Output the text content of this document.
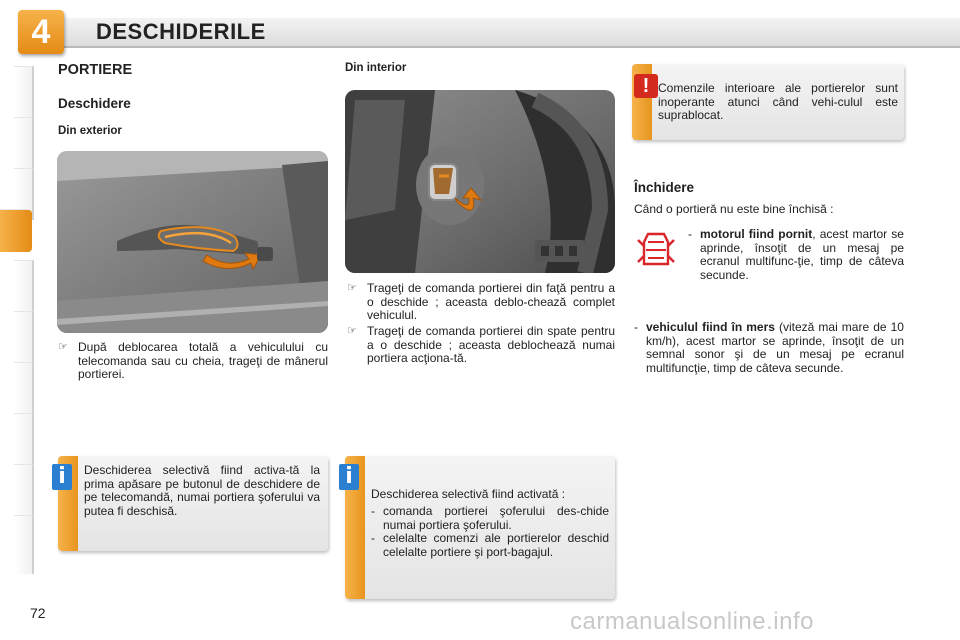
4	DESCHIDERILE
PORTIERE
Deschidere
Din exterior
☞ După deblocarea totală a vehiculului cu telecomanda sau cu cheia, trageţi de mânerul portierei.
i	Deschiderea selectivă fiind activa-tă la prima apăsare pe butonul de deschidere de pe telecomandă, numai portiera şoferului va putea fi deschisă.
Din interior
☞ Trageţi de comanda portierei din faţă pentru a o deschide ; aceasta deblo-chează complet vehiculul.
☞ Trageţi de comanda portierei din spate pentru a o deschide ; aceasta deblochează numai portiera acţiona-tă.
i
Deschiderea selectivă fiind activată :
- comanda portierei şoferului des-chide numai portiera şoferului.
- celelalte comenzi ale portierelor deschid celelalte portiere şi port-bagajul.
! Comenzile interioare ale portierelor sunt inoperante atunci când vehi-culul este suprablocat.
Închidere
Când o portieră nu este bine închisă :
- motorul fiind pornit, acest martor se aprinde, însoţit de un mesaj pe ecranul multifunc-ţie, timp de câteva secunde.
- vehiculul fiind în mers (viteză mai mare de 10 km/h), acest martor se aprinde, însoţit de un semnal sonor şi de un mesaj pe ecranul multifuncţie, timp de câteva secunde.
72	carmanualsonline.info
